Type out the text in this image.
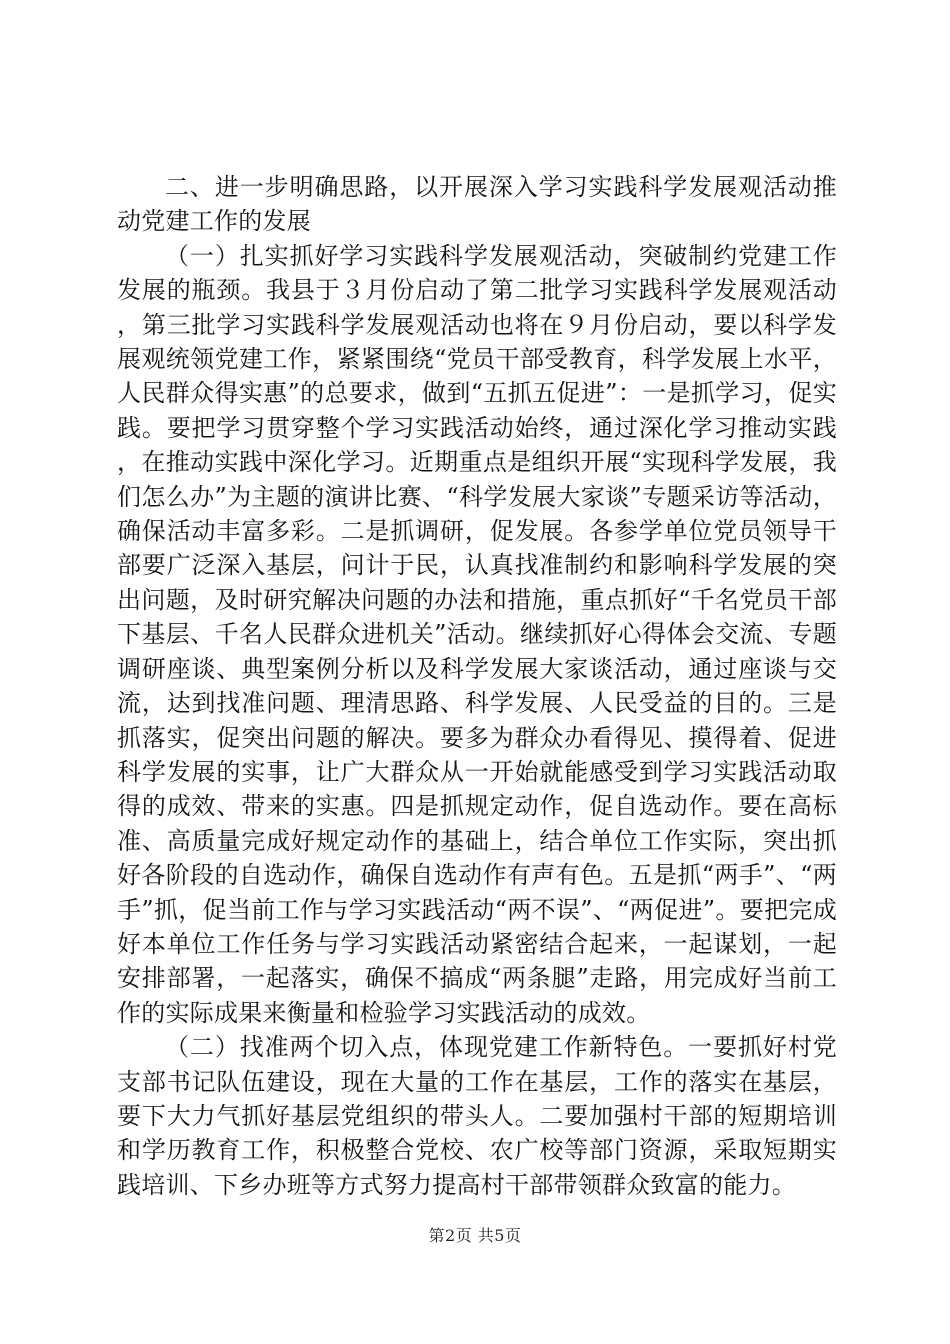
二、进一步明确思路，以开展深入学习实践科学发展观活动推动党建工作的发展

（一）扎实抓好学习实践科学发展观活动，突破制约党建工作发展的瓶颈。我县于３月份启动了第二批学习实践科学发展观活动，第三批学习实践科学发展观活动也将在９月份启动，要以科学发展观统领党建工作，紧紧围绕“党员干部受教育，科学发展上水平，人民群众得实惠”的总要求，做到“五抓五促进”：一是抓学习，促实践。要把学习贯穿整个学习实践活动始终，通过深化学习推动实践，在推动实践中深化学习。近期重点是组织开展“实现科学发展，我们怎么办”为主题的演讲比赛、“科学发展大家谈”专题采访等活动，确保活动丰富多彩。二是抓调研，促发展。各参学单位党员领导干部要广泛深入基层，问计于民，认真找准制约和影响科学发展的突出问题，及时研究解决问题的办法和措施，重点抓好“千名党员干部下基层、千名人民群众进机关”活动。继续抓好心得体会交流、专题调研座谈、典型案例分析以及科学发展大家谈活动，通过座谈与交流，达到找准问题、理清思路、科学发展、人民受益的目的。三是抓落实，促突出问题的解决。要多为群众办看得见、摸得着、促进科学发展的实事，让广大群众从一开始就能感受到学习实践活动取得的成效、带来的实惠。四是抓规定动作，促自选动作。要在高标准、高质量完成好规定动作的基础上，结合单位工作实际，突出抓好各阶段的自选动作，确保自选动作有声有色。五是抓“两手”、“两手”抓，促当前工作与学习实践活动“两不误”、“两促进”。要把完成好本单位工作任务与学习实践活动紧密结合起来，一起谋划，一起安排部署，一起落实，确保不搞成“两条腿”走路，用完成好当前工作的实际成果来衡量和检验学习实践活动的成效。

（二）找准两个切入点，体现党建工作新特色。一要抓好村党支部书记队伍建设，现在大量的工作在基层，工作的落实在基层，要下大力气抓好基层党组织的带头人。二要加强村干部的短期培训和学历教育工作，积极整合党校、农广校等部门资源，采取短期实践培训、下乡办班等方式努力提高村干部带领群众致富的能力。

第2页 共5页
